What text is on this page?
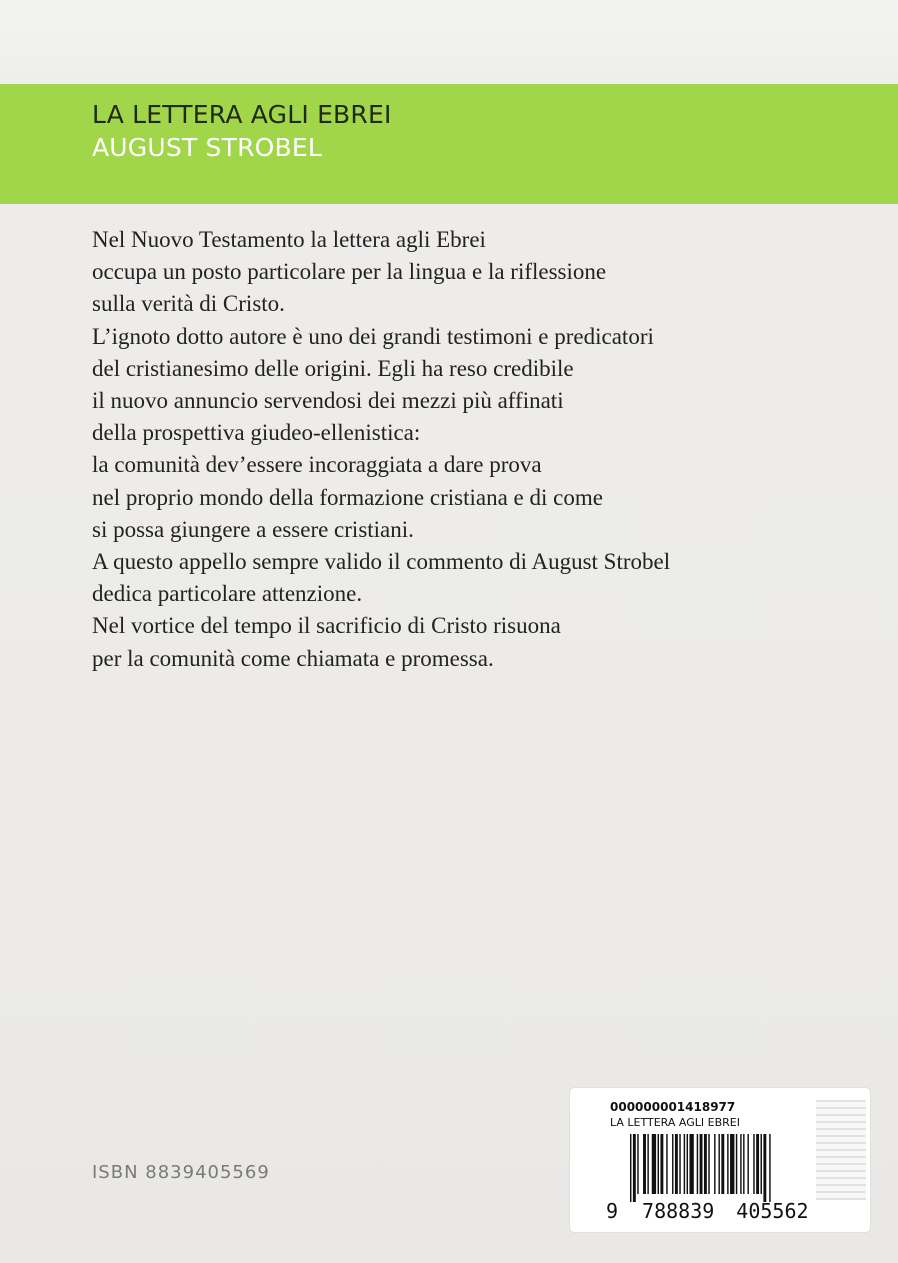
LA LETTERA AGLI EBREI
AUGUST STROBEL
Nel Nuovo Testamento la lettera agli Ebrei
occupa un posto particolare per la lingua e la riflessione
sulla verità di Cristo.
L’ignoto dotto autore è uno dei grandi testimoni e predicatori
del cristianesimo delle origini. Egli ha reso credibile
il nuovo annuncio servendosi dei mezzi più affinati
della prospettiva giudeo-ellenistica:
la comunità dev’essere incoraggiata a dare prova
nel proprio mondo della formazione cristiana e di come
si possa giungere a essere cristiani.
A questo appello sempre valido il commento di August Strobel
dedica particolare attenzione.
Nel vortice del tempo il sacrificio di Cristo risuona
per la comunità come chiamata e promessa.
ISBN 8839405569
000000001418977
LA LETTERA AGLI EBREI
9 788839 405562
